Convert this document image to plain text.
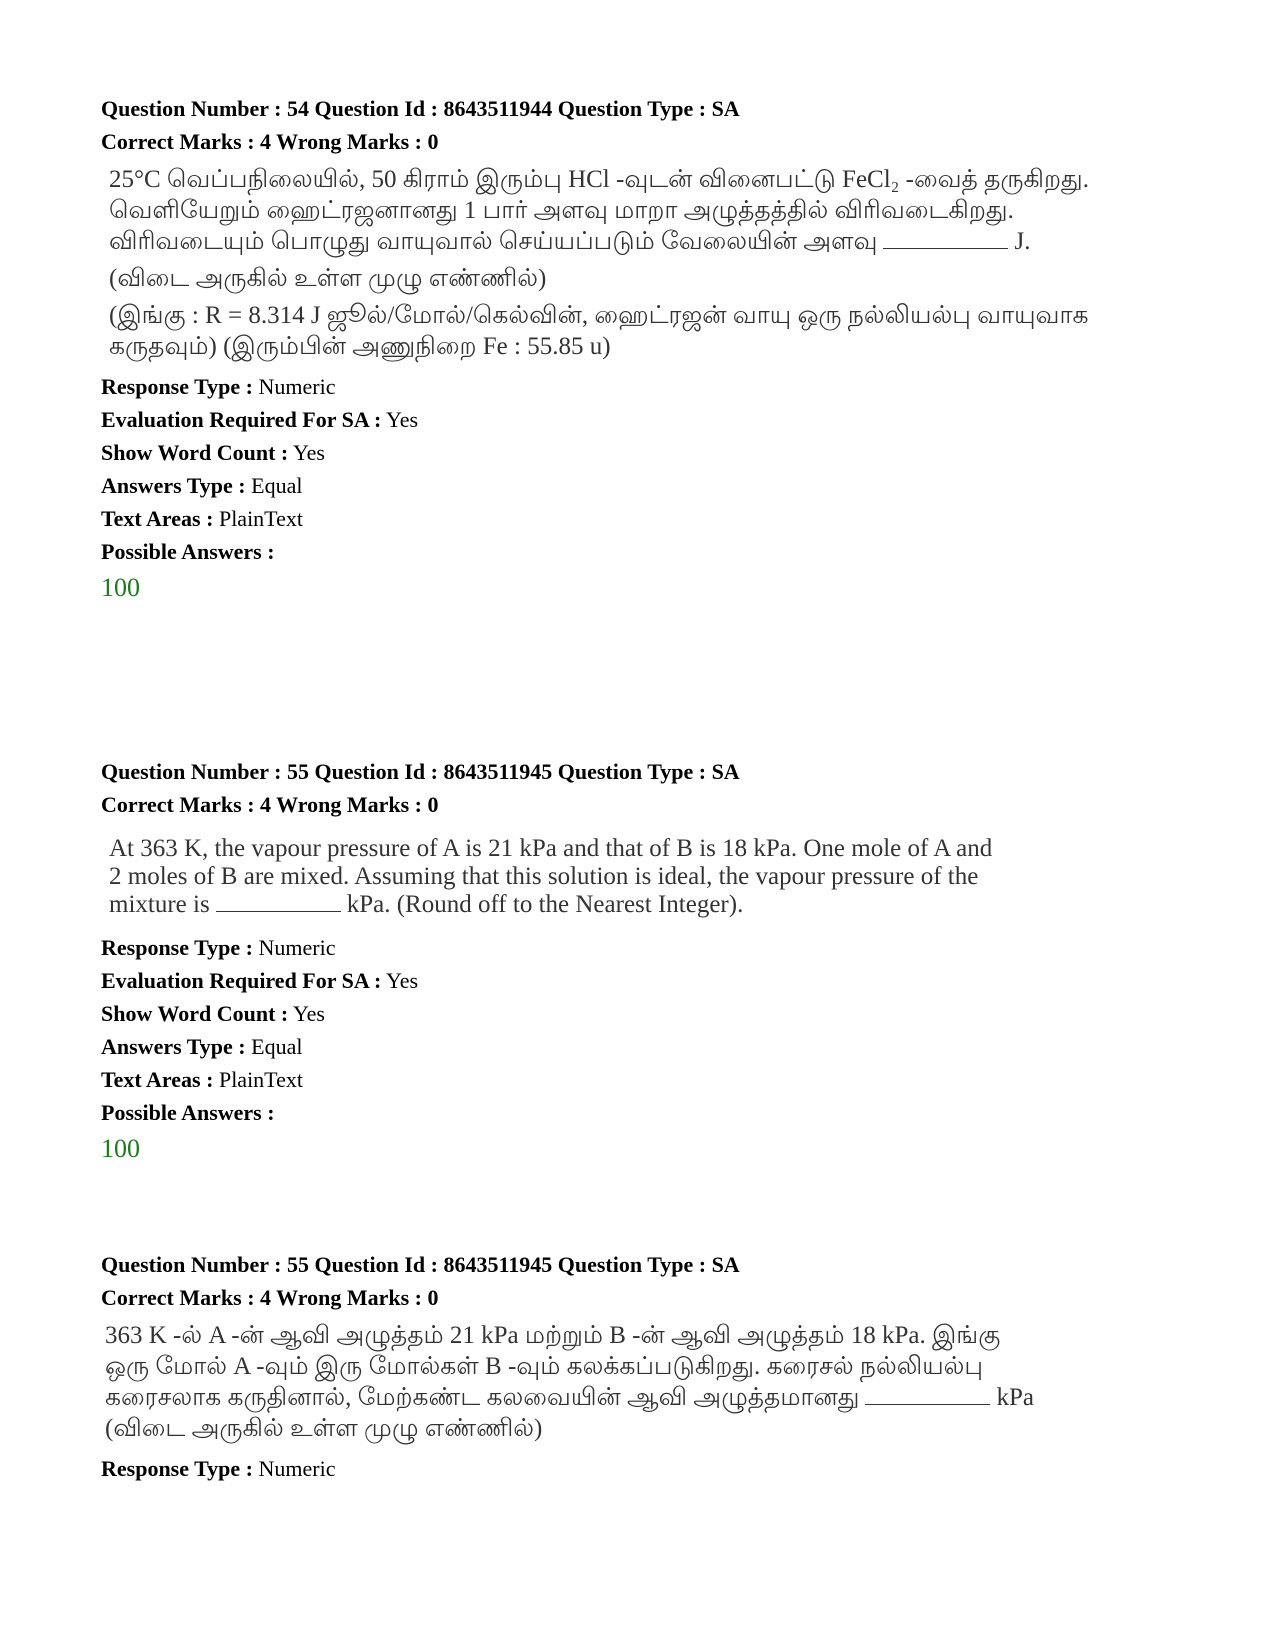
Question Number : 54 Question Id : 8643511944 Question Type : SA
Correct Marks : 4 Wrong Marks : 0

25°C வெப்பநிலையில், 50 கிராம் இரும்பு HCl -வுடன் வினைபட்டு FeCl₂ -வைத் தருகிறது.

வெளியேறும் ஹைட்ரஜனானது 1 பார் அளவு மாறா அழுத்தத்தில் விரிவடைகிறது.

விரிவடையும் பொழுது வாயுவால் செய்யப்படும் வேலையின் அளவு	J.

(விடை அருகில் உள்ள முழு எண்ணில்)

(இங்கு : R = 8.314 J ஜூல்/மோல்/கெல்வின், ஹைட்ரஜன் வாயு ஒரு நல்லியல்பு வாயுவாக

கருதவும்) (இரும்பின் அணுநிறை Fe : 55.85 u)

Response Type : Numeric
Evaluation Required For SA : Yes
Show Word Count : Yes
Answers Type : Equal
Text Areas : PlainText
Possible Answers :
100
Question Number : 55 Question Id : 8643511945 Question Type : SA
Correct Marks : 4 Wrong Marks : 0

At 363 K, the vapour pressure of A is 21 kPa and that of B is 18 kPa. One mole of A and

2 moles of B are mixed. Assuming that this solution is ideal, the vapour pressure of the

mixture is	kPa. (Round off to the Nearest Integer).

Response Type : Numeric
Evaluation Required For SA : Yes
Show Word Count : Yes
Answers Type : Equal
Text Areas : PlainText
Possible Answers :
100
Question Number : 55 Question Id : 8643511945 Question Type : SA
Correct Marks : 4 Wrong Marks : 0

363 K -ல் A -ன் ஆவி அழுத்தம் 21 kPa மற்றும் B -ன் ஆவி அழுத்தம் 18 kPa. இங்கு

ஒரு மோல் A -வும் இரு மோல்கள் B -வும் கலக்கப்படுகிறது. கரைசல் நல்லியல்பு

கரைசலாக கருதினால், மேற்கண்ட கலவையின் ஆவி அழுத்தமானது	kPa

(விடை அருகில் உள்ள முழு எண்ணில்)

Response Type : Numeric
